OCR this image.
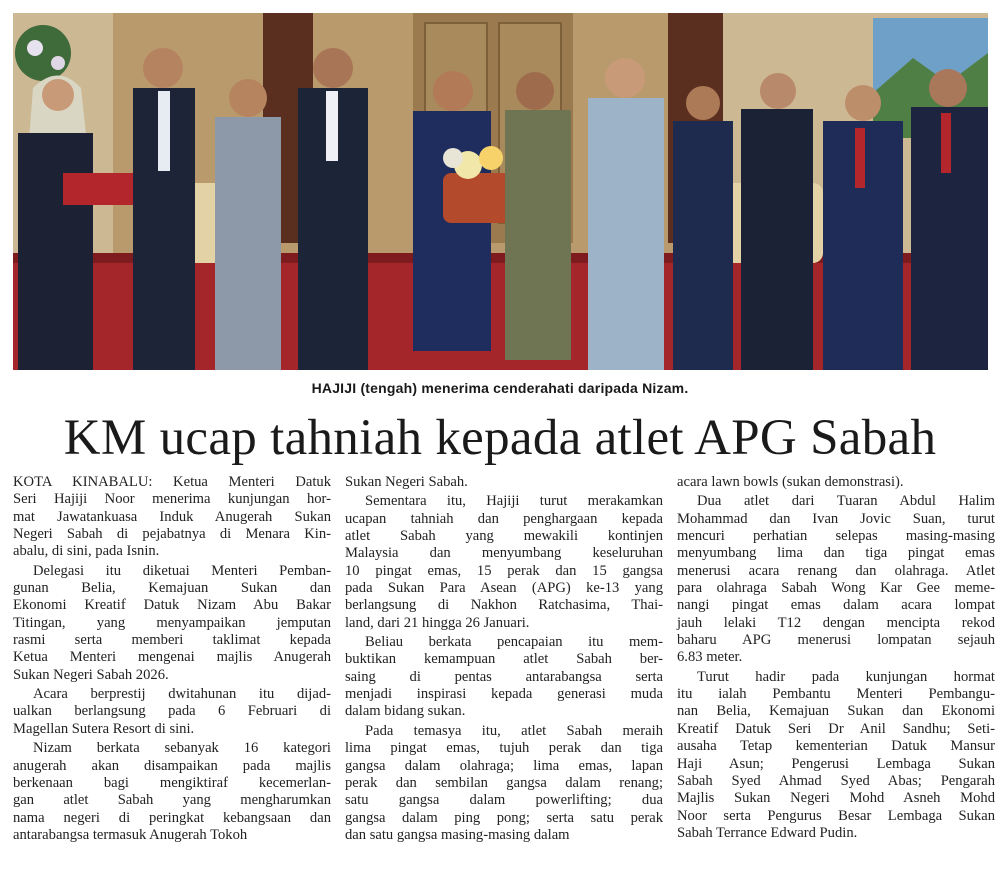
HAJIJI (tengah) menerima cenderahati daripada Nizam.
KM ucap tahniah kepada atlet APG Sabah

KOTA KINABALU: Ketua Menteri Datuk
Seri Hajiji Noor menerima kunjungan hor-
mat Jawatankuasa Induk Anugerah Sukan
Negeri Sabah di pejabatnya di Menara Kin-
abalu, di sini, pada Isnin.

Delegasi itu diketuai Menteri Pemban-
gunan Belia, Kemajuan Sukan dan
Ekonomi Kreatif Datuk Nizam Abu Bakar
Titingan, yang menyampaikan jemputan
rasmi serta memberi taklimat kepada
Ketua Menteri mengenai majlis Anugerah
Sukan Negeri Sabah 2026.

Acara berprestij dwitahunan itu dijad-
ualkan berlangsung pada 6 Februari di
Magellan Sutera Resort di sini.

Nizam berkata sebanyak 16 kategori
anugerah akan disampaikan pada majlis
berkenaan bagi mengiktiraf kecemerlan-
gan atlet Sabah yang mengharumkan
nama negeri di peringkat kebangsaan dan
antarabangsa termasuk Anugerah Tokoh

Sukan Negeri Sabah.

Sementara itu, Hajiji turut merakamkan
ucapan tahniah dan penghargaan kepada
atlet Sabah yang mewakili kontinjen
Malaysia dan menyumbang keseluruhan
10 pingat emas, 15 perak dan 15 gangsa
pada Sukan Para Asean (APG) ke-13 yang
berlangsung di Nakhon Ratchasima, Thai-
land, dari 21 hingga 26 Januari.

Beliau berkata pencapaian itu mem-
buktikan kemampuan atlet Sabah ber-
saing di pentas antarabangsa serta
menjadi inspirasi kepada generasi muda
dalam bidang sukan.

Pada temasya itu, atlet Sabah meraih
lima pingat emas, tujuh perak dan tiga
gangsa dalam olahraga; lima emas, lapan
perak dan sembilan gangsa dalam renang;
satu gangsa dalam powerlifting; dua
gangsa dalam ping pong; serta satu perak
dan satu gangsa masing-masing dalam

acara lawn bowls (sukan demonstrasi).

Dua atlet dari Tuaran Abdul Halim
Mohammad dan Ivan Jovic Suan, turut
mencuri perhatian selepas masing-masing
menyumbang lima dan tiga pingat emas
menerusi acara renang dan olahraga. Atlet
para olahraga Sabah Wong Kar Gee meme-
nangi pingat emas dalam acara lompat
jauh lelaki T12 dengan mencipta rekod
baharu APG menerusi lompatan sejauh
6.83 meter.

Turut hadir pada kunjungan hormat
itu ialah Pembantu Menteri Pembangu-
nan Belia, Kemajuan Sukan dan Ekonomi
Kreatif Datuk Seri Dr Anil Sandhu; Seti-
ausaha Tetap kementerian Datuk Mansur
Haji Asun; Pengerusi Lembaga Sukan
Sabah Syed Ahmad Syed Abas; Pengarah
Majlis Sukan Negeri Mohd Asneh Mohd
Noor serta Pengurus Besar Lembaga Sukan
Sabah Terrance Edward Pudin.
